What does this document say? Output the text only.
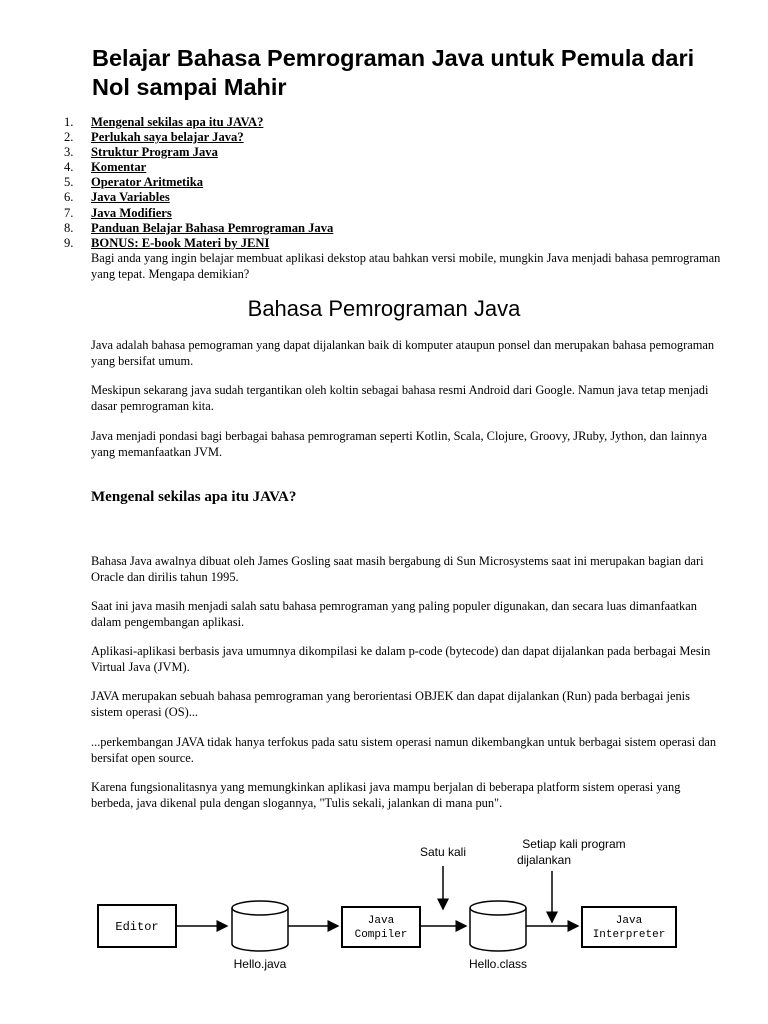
Belajar Bahasa Pemrograman Java untuk Pemula dari Nol sampai Mahir
1. Mengenal sekilas apa itu JAVA?
2. Perlukah saya belajar Java?
3. Struktur Program Java
4. Komentar
5. Operator Aritmetika
6. Java Variables
7. Java Modifiers
8. Panduan Belajar Bahasa Pemrograman Java
9. BONUS: E-book Materi by JENI

Bagi anda yang ingin belajar membuat aplikasi dekstop atau bahkan versi mobile, mungkin Java menjadi bahasa pemrograman yang tepat. Mengapa demikian?

Bahasa Pemrograman Java

Java adalah bahasa pemograman yang dapat dijalankan baik di komputer ataupun ponsel dan merupakan bahasa pemograman yang bersifat umum.

Meskipun sekarang java sudah tergantikan oleh koltin sebagai bahasa resmi Android dari Google. Namun java tetap menjadi dasar pemrograman kita.

Java menjadi pondasi bagi berbagai bahasa pemrograman seperti Kotlin, Scala, Clojure, Groovy, JRuby, Jython, dan lainnya yang memanfaatkan JVM.

Mengenal sekilas apa itu JAVA?

Bahasa Java awalnya dibuat oleh James Gosling saat masih bergabung di Sun Microsystems saat ini merupakan bagian dari Oracle dan dirilis tahun 1995.

Saat ini java masih menjadi salah satu bahasa pemrograman yang paling populer digunakan, dan secara luas dimanfaatkan dalam pengembangan aplikasi.

Aplikasi-aplikasi berbasis java umumnya dikompilasi ke dalam p-code (bytecode) dan dapat dijalankan pada berbagai Mesin Virtual Java (JVM).

JAVA merupakan sebuah bahasa pemrograman yang berorientasi OBJEK dan dapat dijalankan (Run) pada berbagai jenis sistem operasi (OS)...

...perkembangan JAVA tidak hanya terfokus pada satu sistem operasi namun dikembangkan untuk berbagai sistem operasi dan bersifat open source.

Karena fungsionalitasnya yang memungkinkan aplikasi java mampu berjalan di beberapa platform sistem operasi yang berbeda, java dikenal pula dengan slogannya, "Tulis sekali, jalankan di mana pun".

Editor
Hello.java
Java
Compiler
Hello.class
Java
Interpreter
Satu kali
Setiap kali program
dijalankan
